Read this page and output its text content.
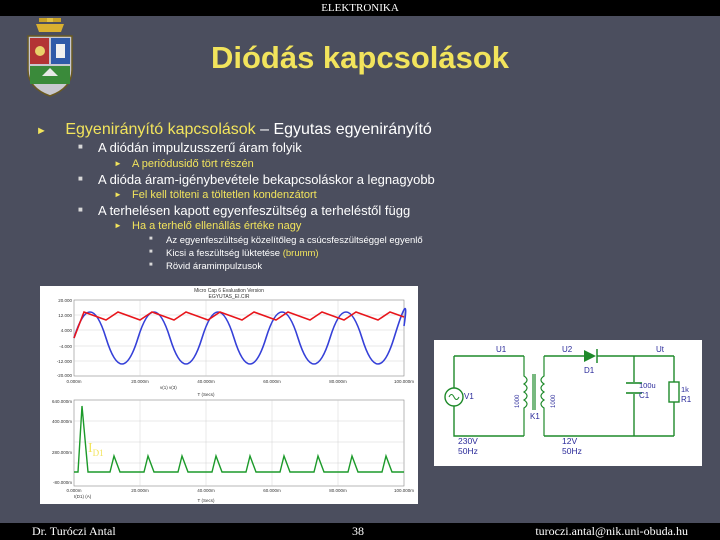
ELEKTRONIKA
Diódás kapcsolások
► Egyenirányító kapcsolások – Egyutas egyenirányító
■ A diódán impulzusszerű áram folyik
► A periódusidő tört részén
■ A dióda áram-igénybevétele bekapcsoláskor a legnagyobb
► Fel kell tölteni a töltetlen kondenzátort
■ A terhelésen kapott egyenfeszültség a terheléstől függ
► Ha a terhelő ellenállás értéke nagy
■ Az egyenfeszültség közelítőleg a csúcsfeszültséggel egyenlő
■ Kicsi a feszültség lüktetése (brumm)
■ Rövid áramimpulzusok
Micro Cap 6 Evaluation Version
EGYUTAS_EI.CIR
20.000
12.000
4.000
-4.000
-12.000
-20.000
0.000m	20.000m	40.000m	60.000m	80.000m	100.000m
v(1) v(3)
T (Secs)
640.000m
400.000m
280.000m
-80.000m
0.000m	20.000m	40.000m	60.000m	80.000m	100.000m
I(D1) (A)
T (Secs)
$I_{D1}$
U1	U2	Ut
D1
V1
K1
100u
C1
1k
R1
230V
50Hz
12V
50Hz
1000	1000
Dr. Turóczi Antal	38	turoczi.antal@nik.uni-obuda.hu
